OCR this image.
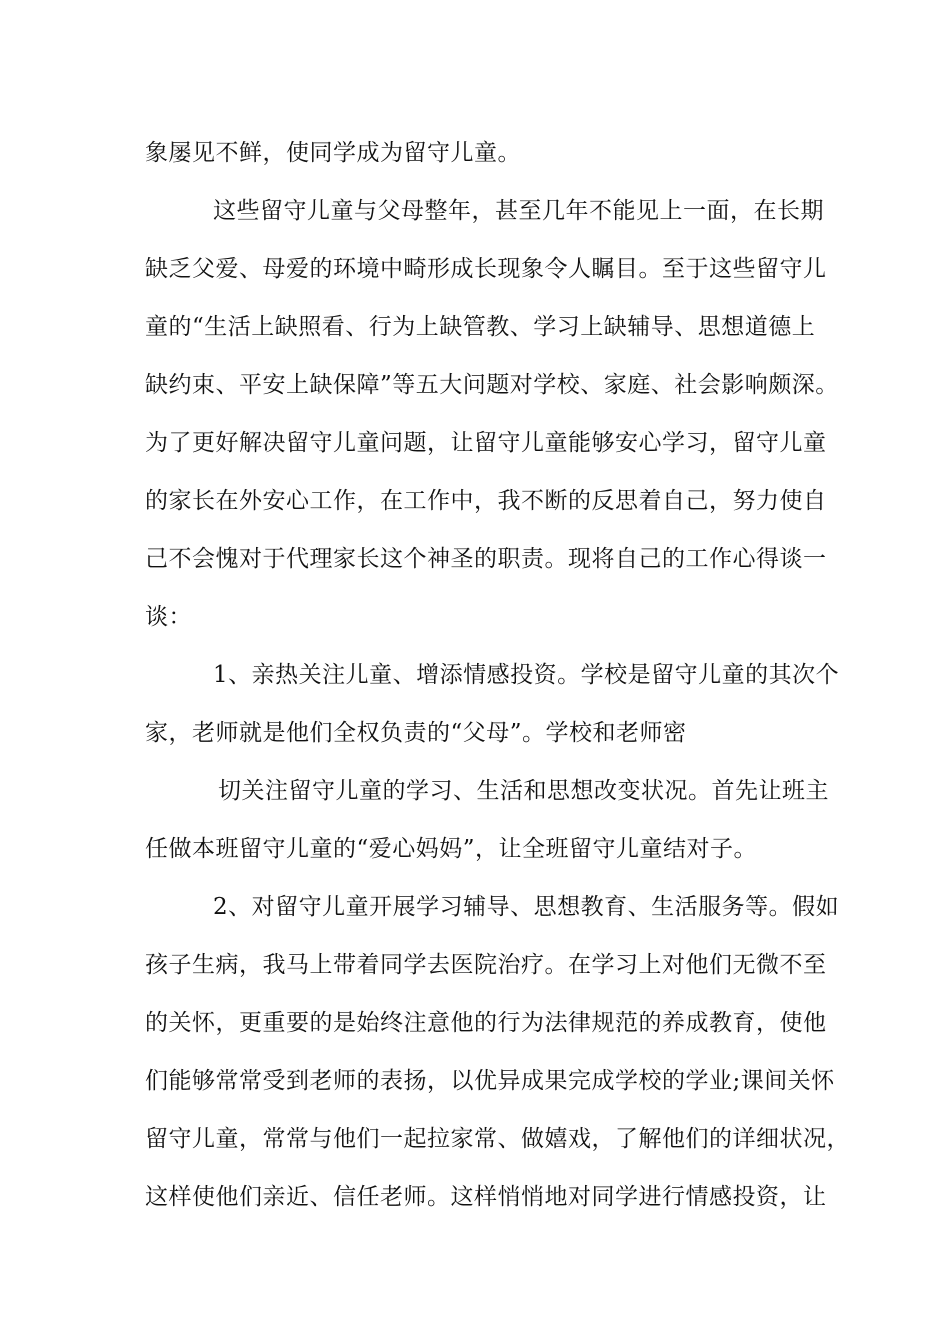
象屡见不鲜，使同学成为留守儿童。
这些留守儿童与父母整年，甚至几年不能见上一面，在长期
缺乏父爱、母爱的环境中畸形成长现象令人瞩目。至于这些留守儿
童的“生活上缺照看、行为上缺管教、学习上缺辅导、思想道德上
缺约束、平安上缺保障”等五大问题对学校、家庭、社会影响颇深。
为了更好解决留守儿童问题，让留守儿童能够安心学习，留守儿童
的家长在外安心工作，在工作中，我不断的反思着自己，努力使自
己不会愧对于代理家长这个神圣的职责。现将自己的工作心得谈一
谈：
1、亲热关注儿童、增添情感投资。学校是留守儿童的其次个
家，老师就是他们全权负责的“父母”。学校和老师密
切关注留守儿童的学习、生活和思想改变状况。首先让班主
任做本班留守儿童的“爱心妈妈”，让全班留守儿童结对子。
2、对留守儿童开展学习辅导、思想教育、生活服务等。假如
孩子生病，我马上带着同学去医院治疗。在学习上对他们无微不至
的关怀，更重要的是始终注意他的行为法律规范的养成教育，使他
们能够常常受到老师的表扬，以优异成果完成学校的学业;课间关怀
留守儿童，常常与他们一起拉家常、做嬉戏，了解他们的详细状况，
这样使他们亲近、信任老师。这样悄悄地对同学进行情感投资，让
